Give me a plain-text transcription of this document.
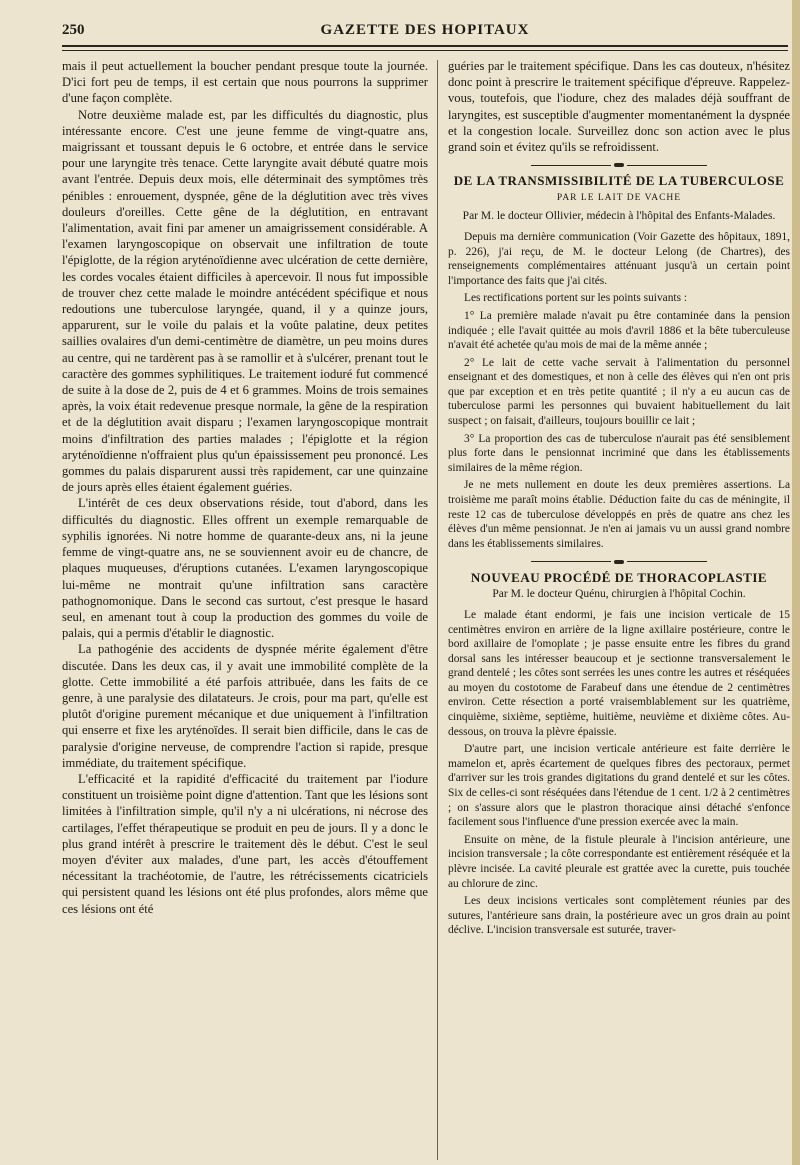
250	GAZETTE DES HOPITAUX

mais il peut actuellement la boucher pendant presque toute la journée. D'ici fort peu de temps, il est certain que nous pourrons la supprimer d'une façon complète.

Notre deuxième malade est, par les difficultés du diagnostic, plus intéressante encore. C'est une jeune femme de vingt-quatre ans, maigrissant et toussant depuis le 6 octobre, et entrée dans le service pour une laryngite très tenace. Cette laryngite avait débuté quatre mois avant l'entrée. Depuis deux mois, elle déterminait des symptômes très pénibles : enrouement, dyspnée, gêne de la déglutition avec très vives douleurs d'oreilles. Cette gêne de la déglutition, en entravant l'alimentation, avait fini par amener un amaigrissement considérable. A l'examen laryngoscopique on observait une infiltration de toute l'épiglotte, de la région aryténoïdienne avec ulcération de cette dernière, les cordes vocales étaient difficiles à apercevoir. Il nous fut impossible de trouver chez cette malade le moindre antécédent spécifique et nous redoutions une tuberculose laryngée, quand, il y a quinze jours, apparurent, sur le voile du palais et la voûte palatine, deux petites saillies ovalaires d'un demi-centimètre de diamètre, un peu moins dures au centre, qui ne tardèrent pas à se ramollir et à s'ulcérer, prenant tout le caractère des gommes syphilitiques. Le traitement ioduré fut commencé de suite à la dose de 2, puis de 4 et 6 grammes. Moins de trois semaines après, la voix était redevenue presque normale, la gêne de la respiration et de la déglutition avait disparu ; l'examen laryngoscopique montrait moins d'infiltration des parties malades ; l'épiglotte et la région aryténoïdienne n'offraient plus qu'un épaississement peu prononcé. Les gommes du palais disparurent aussi très rapidement, car une quinzaine de jours après elles étaient également guéries.

L'intérêt de ces deux observations réside, tout d'abord, dans les difficultés du diagnostic. Elles offrent un exemple remarquable de syphilis ignorées. Ni notre homme de quarante-deux ans, ni la jeune femme de vingt-quatre ans, ne se souviennent avoir eu de chancre, de plaques muqueuses, d'éruptions cutanées. L'examen laryngoscopique lui-même ne montrait qu'une infiltration sans caractère pathognomonique. Dans le second cas surtout, c'est presque le hasard seul, en amenant tout à coup la production des gommes du voile de palais, qui a permis d'établir le diagnostic.

La pathogénie des accidents de dyspnée mérite également d'être discutée. Dans les deux cas, il y avait une immobilité complète de la glotte. Cette immobilité a été parfois attribuée, dans les faits de ce genre, à une paralysie des dilatateurs. Je crois, pour ma part, qu'elle est plutôt d'origine purement mécanique et due uniquement à l'infiltration qui enserre et fixe les aryténoïdes. Il serait bien difficile, dans le cas de paralysie d'origine nerveuse, de comprendre l'action si rapide, presque immédiate, du traitement spécifique.

L'efficacité et la rapidité d'efficacité du traitement par l'iodure constituent un troisième point digne d'attention. Tant que les lésions sont limitées à l'infiltration simple, qu'il n'y a ni ulcérations, ni nécrose des cartilages, l'effet thérapeutique se produit en peu de jours. Il y a donc le plus grand intérêt à prescrire le traitement dès le début. C'est le seul moyen d'éviter aux malades, d'une part, les accès d'étouffement nécessitant la trachéotomie, de l'autre, les rétrécissements cicatriciels qui persistent quand les lésions ont été plus profondes, alors même que ces lésions ont été

guéries par le traitement spécifique. Dans les cas douteux, n'hésitez donc point à prescrire le traitement spécifique d'épreuve. Rappelez-vous, toutefois, que l'iodure, chez des malades déjà souffrant de laryngites, est susceptible d'augmenter momentanément la dyspnée et la congestion locale. Surveillez donc son action avec le plus grand soin et évitez qu'ils se refroidissent.

DE LA TRANSMISSIBILITÉ DE LA TUBERCULOSE
PAR LE LAIT DE VACHE
Par M. le docteur Ollivier, médecin à l'hôpital des Enfants-Malades.

Depuis ma dernière communication (Voir Gazette des hôpitaux, 1891, p. 226), j'ai reçu, de M. le docteur Lelong (de Chartres), des renseignements complémentaires atténuant jusqu'à un certain point l'importance des faits que j'ai cités.

Les rectifications portent sur les points suivants :

1° La première malade n'avait pu être contaminée dans la pension indiquée ; elle l'avait quittée au mois d'avril 1886 et la bête tuberculeuse n'avait été achetée qu'au mois de mai de la même année ;

2° Le lait de cette vache servait à l'alimentation du personnel enseignant et des domestiques, et non à celle des élèves qui n'en ont pris que par exception et en très petite quantité ; il n'y a eu aucun cas de tuberculose parmi les personnes qui buvaient habituellement du lait suspect ; on faisait, d'ailleurs, toujours bouillir ce lait ;

3° La proportion des cas de tuberculose n'aurait pas été sensiblement plus forte dans le pensionnat incriminé que dans les établissements similaires de la même région.

Je ne mets nullement en doute les deux premières assertions. La troisième me paraît moins établie. Déduction faite du cas de méningite, il reste 12 cas de tuberculose développés en près de quatre ans chez les élèves d'un même pensionnat. Je n'en ai jamais vu un aussi grand nombre dans les établissements similaires.

NOUVEAU PROCÉDÉ DE THORACOPLASTIE
Par M. le docteur Quénu, chirurgien à l'hôpital Cochin.

Le malade étant endormi, je fais une incision verticale de 15 centimètres environ en arrière de la ligne axillaire postérieure, contre le bord axillaire de l'omoplate ; je passe ensuite entre les fibres du grand dorsal sans les intéresser beaucoup et je sectionne transversalement le grand dentelé ; les côtes sont serrées les unes contre les autres et réséquées au moyen du costotome de Farabeuf dans une étendue de 2 centimètres environ. Cette résection a porté vraisemblablement sur les quatrième, cinquième, sixième, septième, huitième, neuvième et dixième côtes. Au-dessous, on trouva la plèvre épaissie.

D'autre part, une incision verticale antérieure est faite derrière le mamelon et, après écartement de quelques fibres des pectoraux, permet d'arriver sur les trois grandes digitations du grand dentelé et sur les côtes. Six de celles-ci sont réséquées dans l'étendue de 1 cent. 1/2 à 2 centimètres ; on s'assure alors que le plastron thoracique ainsi détaché s'enfonce facilement sous l'influence d'une pression exercée avec la main.

Ensuite on mène, de la fistule pleurale à l'incision antérieure, une incision transversale ; la côte correspondante est entièrement réséquée et la plèvre incisée. La cavité pleurale est grattée avec la curette, puis touchée au chlorure de zinc.

Les deux incisions verticales sont complètement réunies par des sutures, l'antérieure sans drain, la postérieure avec un gros drain au point déclive. L'incision transversale est suturée, traver-
